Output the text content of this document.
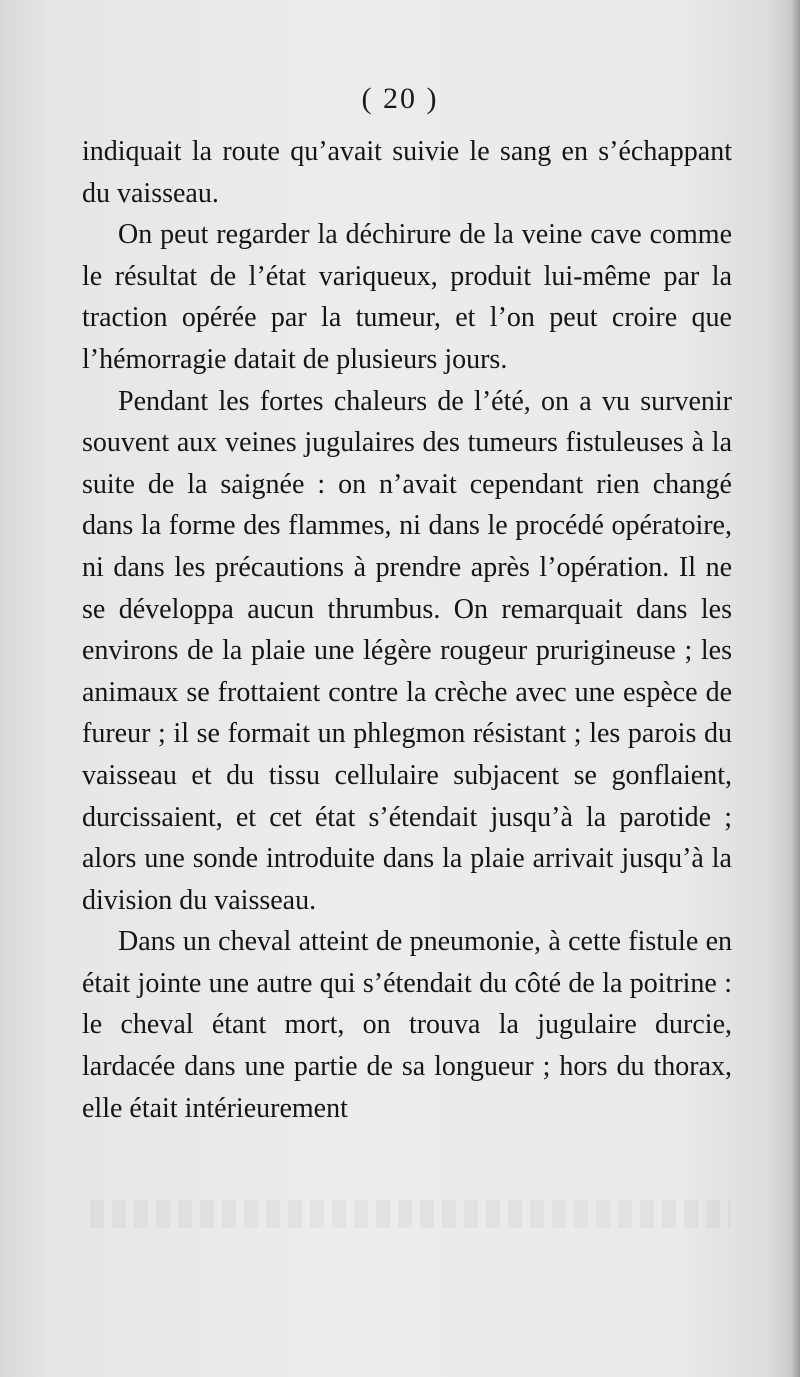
( 20 )

indiquait la route qu’avait suivie le sang en s’échappant du vaisseau.

On peut regarder la déchirure de la veine cave comme le résultat de l’état variqueux, produit lui-même par la traction opérée par la tumeur, et l’on peut croire que l’hémorragie datait de plusieurs jours.

Pendant les fortes chaleurs de l’été, on a vu survenir souvent aux veines jugulaires des tumeurs fistuleuses à la suite de la saignée : on n’avait cependant rien changé dans la forme des flammes, ni dans le procédé opératoire, ni dans les précautions à prendre après l’opération. Il ne se développa aucun thrumbus. On remarquait dans les environs de la plaie une légère rougeur prurigineuse ; les animaux se frottaient contre la crèche avec une espèce de fureur ; il se formait un phlegmon résistant ; les parois du vaisseau et du tissu cellulaire subjacent se gonflaient, durcissaient, et cet état s’étendait jusqu’à la parotide ; alors une sonde introduite dans la plaie arrivait jusqu’à la division du vaisseau.

Dans un cheval atteint de pneumonie, à cette fistule en était jointe une autre qui s’étendait du côté de la poitrine : le cheval étant mort, on trouva la jugulaire durcie, lardacée dans une partie de sa longueur ; hors du thorax, elle était intérieurement
